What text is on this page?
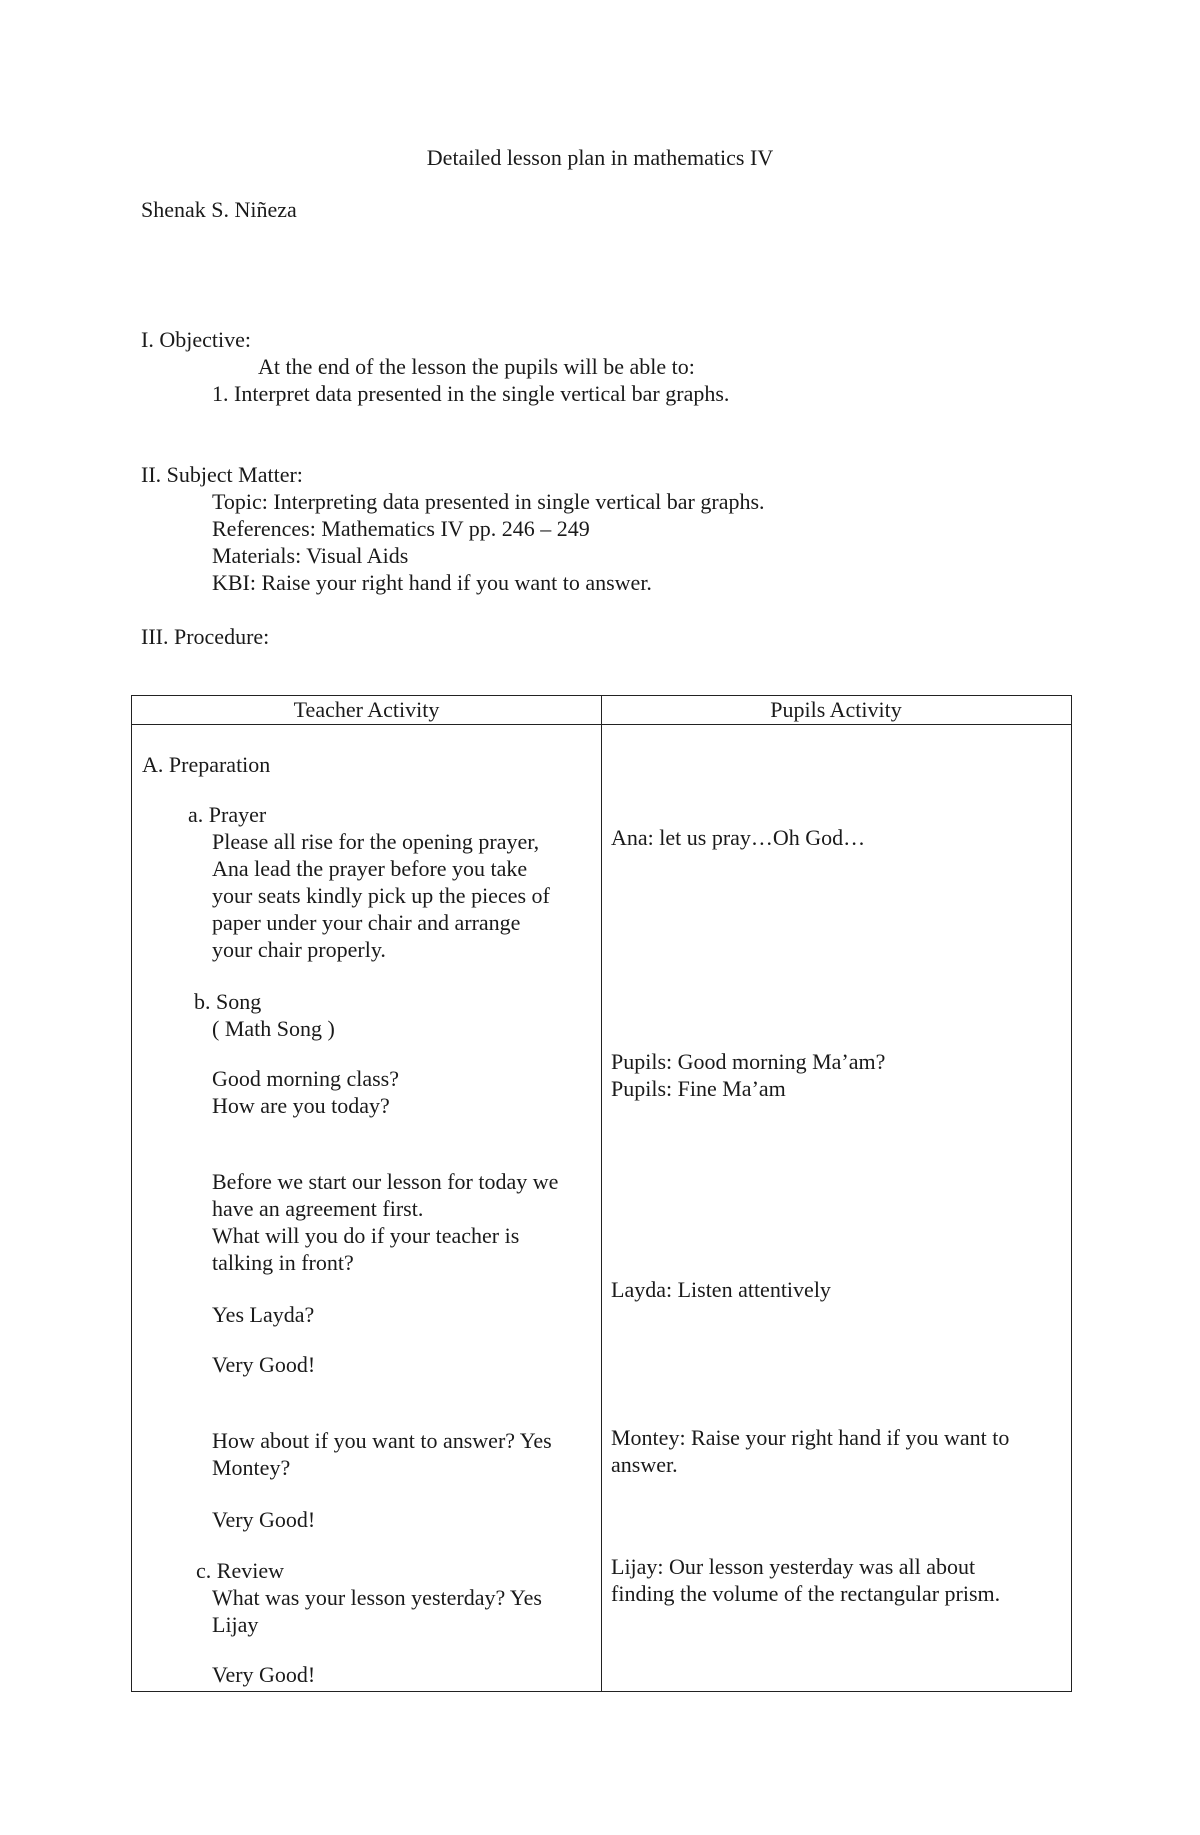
Detailed lesson plan in mathematics IV
Shenak S. Niñeza
I. Objective:
At the end of the lesson the pupils will be able to:
1. Interpret data presented in the single vertical bar graphs.
II. Subject Matter:
Topic: Interpreting data presented in single vertical bar graphs.
References: Mathematics IV pp. 246 – 249
Materials: Visual Aids
KBI: Raise your right hand if you want to answer.
III. Procedure:
Teacher Activity	Pupils Activity
A. Preparation
a. Prayer
Please all rise for the opening prayer,
Ana lead the prayer before you take
your seats kindly pick up the pieces of
paper under your chair and arrange
your chair properly.
b. Song
( Math Song )
Good morning class?
How are you today?
Before we start our lesson for today we
have an agreement first.
What will you do if your teacher is
talking in front?
Yes Layda?
Very Good!
How about if you want to answer? Yes
Montey?
Very Good!
c. Review
What was your lesson yesterday? Yes
Lijay
Very Good!
Ana: let us pray…Oh God…
Pupils: Good morning Ma’am?
Pupils: Fine Ma’am
Layda: Listen attentively
Montey: Raise your right hand if you want to
answer.
Lijay: Our lesson yesterday was all about
finding the volume of the rectangular prism.
